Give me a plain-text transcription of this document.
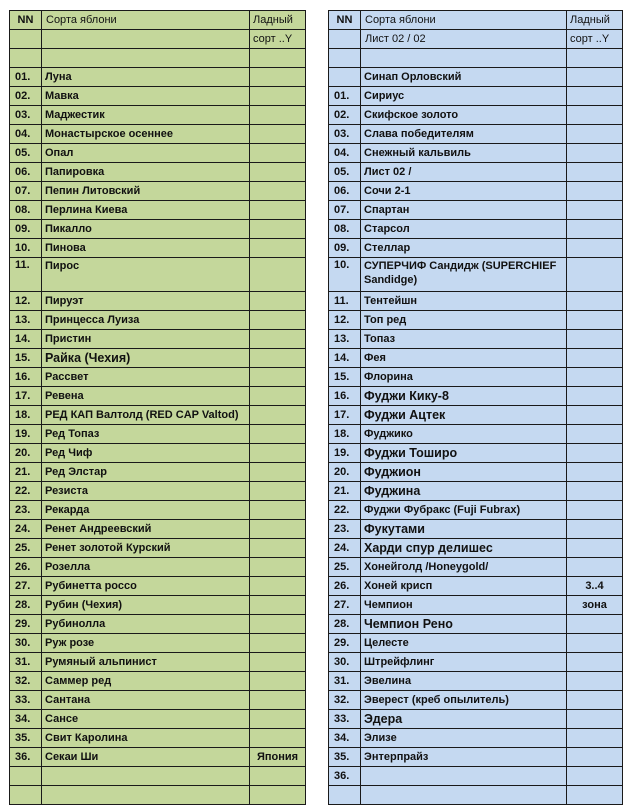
NN	Сорта яблони	Ладный
		сорт ..Y

01.	Луна	
02.	Мавка	
03.	Маджестик	
04.	Монастырское осеннее	
05.	Опал	
06.	Папировка	
07.	Пепин Литовский	
08.	Перлина Киева	
09.	Пикалло	
10.	Пинова	
11.	Пирос	
12.	Пируэт	
13.	Принцесса Луиза	
14.	Пристин	
15.	Райка (Чехия)	
16.	Рассвет	
17.	Ревена	
18.	РЕД КАП Валтолд (RED CAP Valtod)	
19.	Ред Топаз	
20.	Ред Чиф	
21.	Ред Элстар	
22.	Резиста	
23.	Рекарда	
24.	Ренет Андреевский	
25.	Ренет золотой Курский	
26.	Розелла	
27.	Рубинетта россо	
28.	Рубин (Чехия)	
29.	Рубинолла	
30.	Руж розе	
31.	Румяный альпинист	
32.	Саммер ред	
33.	Сантана	
34.	Сансе	
35.	Свит Каролина	
36.	Секаи Ши	Япония

NN	Сорта яблони	Ладный
	Лист 02 / 02	сорт ..Y

	Синап Орловский	
01.	Сириус	
02.	Скифское золото	
03.	Слава победителям	
04.	Снежный кальвиль	
05.	Лист 02 /	
06.	Сочи 2-1	
07.	Спартан	
08.	Старсол	
09.	Стеллар	
10.	СУПЕРЧИФ Сандидж (SUPERCHIEF Sandidge)	
11.	Тентейшн	
12.	Топ ред	
13.	Топаз	
14.	Фея	
15.	Флорина	
16.	Фуджи Кику-8	
17.	Фуджи Ацтек	
18.	Фуджико	
19.	Фуджи Тоширо	
20.	Фуджион	
21.	Фуджина	
22.	Фуджи Фубракс (Fuji Fubrax)	
23.	Фукутами	
24.	Харди спур делишес	
25.	Хонейголд /Honeygold/	
26.	Хоней крисп	3..4
27.	Чемпион	зона
28.	Чемпион Рено	
29.	Целесте	
30.	Штрейфлинг	
31.	Эвелина	
32.	Эверест (креб опылитель)	
33.	Эдера	
34.	Элизе	
35.	Энтерпрайз	
36.		
